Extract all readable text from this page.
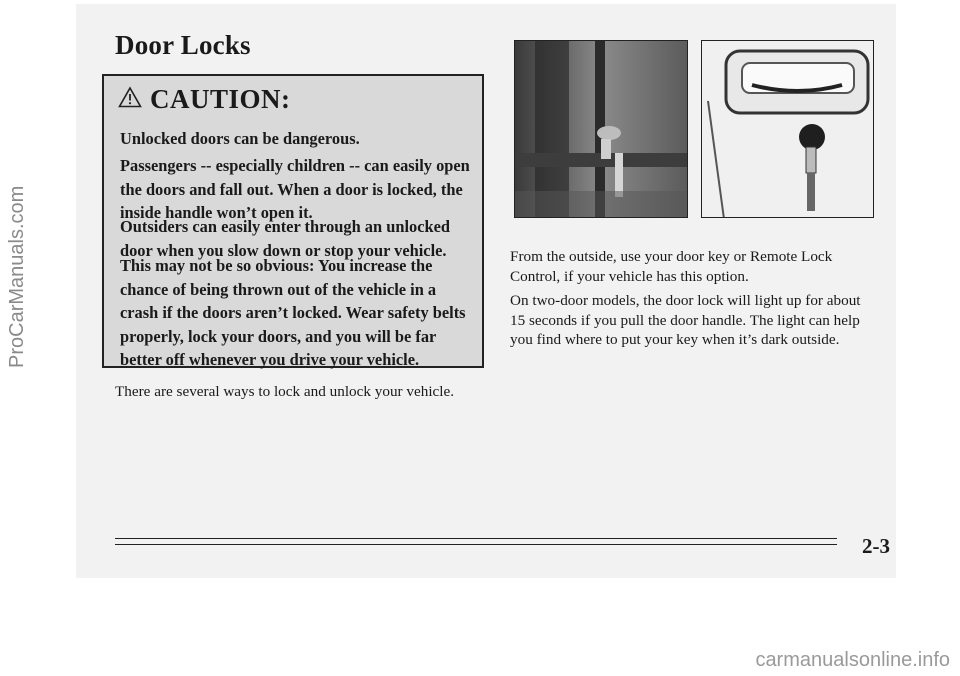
Door Locks
CAUTION:

Unlocked doors can be dangerous.

Passengers -- especially children -- can easily open the doors and fall out. When a door is locked, the inside handle won’t open it.

Outsiders can easily enter through an unlocked door when you slow down or stop your vehicle.

This may not be so obvious: You increase the chance of being thrown out of the vehicle in a crash if the doors aren’t locked. Wear safety belts properly, lock your doors, and you will be far better off whenever you drive your vehicle.

There are several ways to lock and unlock your vehicle.

From the outside, use your door key or Remote Lock Control, if your vehicle has this option.

On two-door models, the door lock will light up for about 15 seconds if you pull the door handle. The light can help you find where to put your key when it’s dark outside.

2-3
ProCarManuals.com
carmanualsonline.info
